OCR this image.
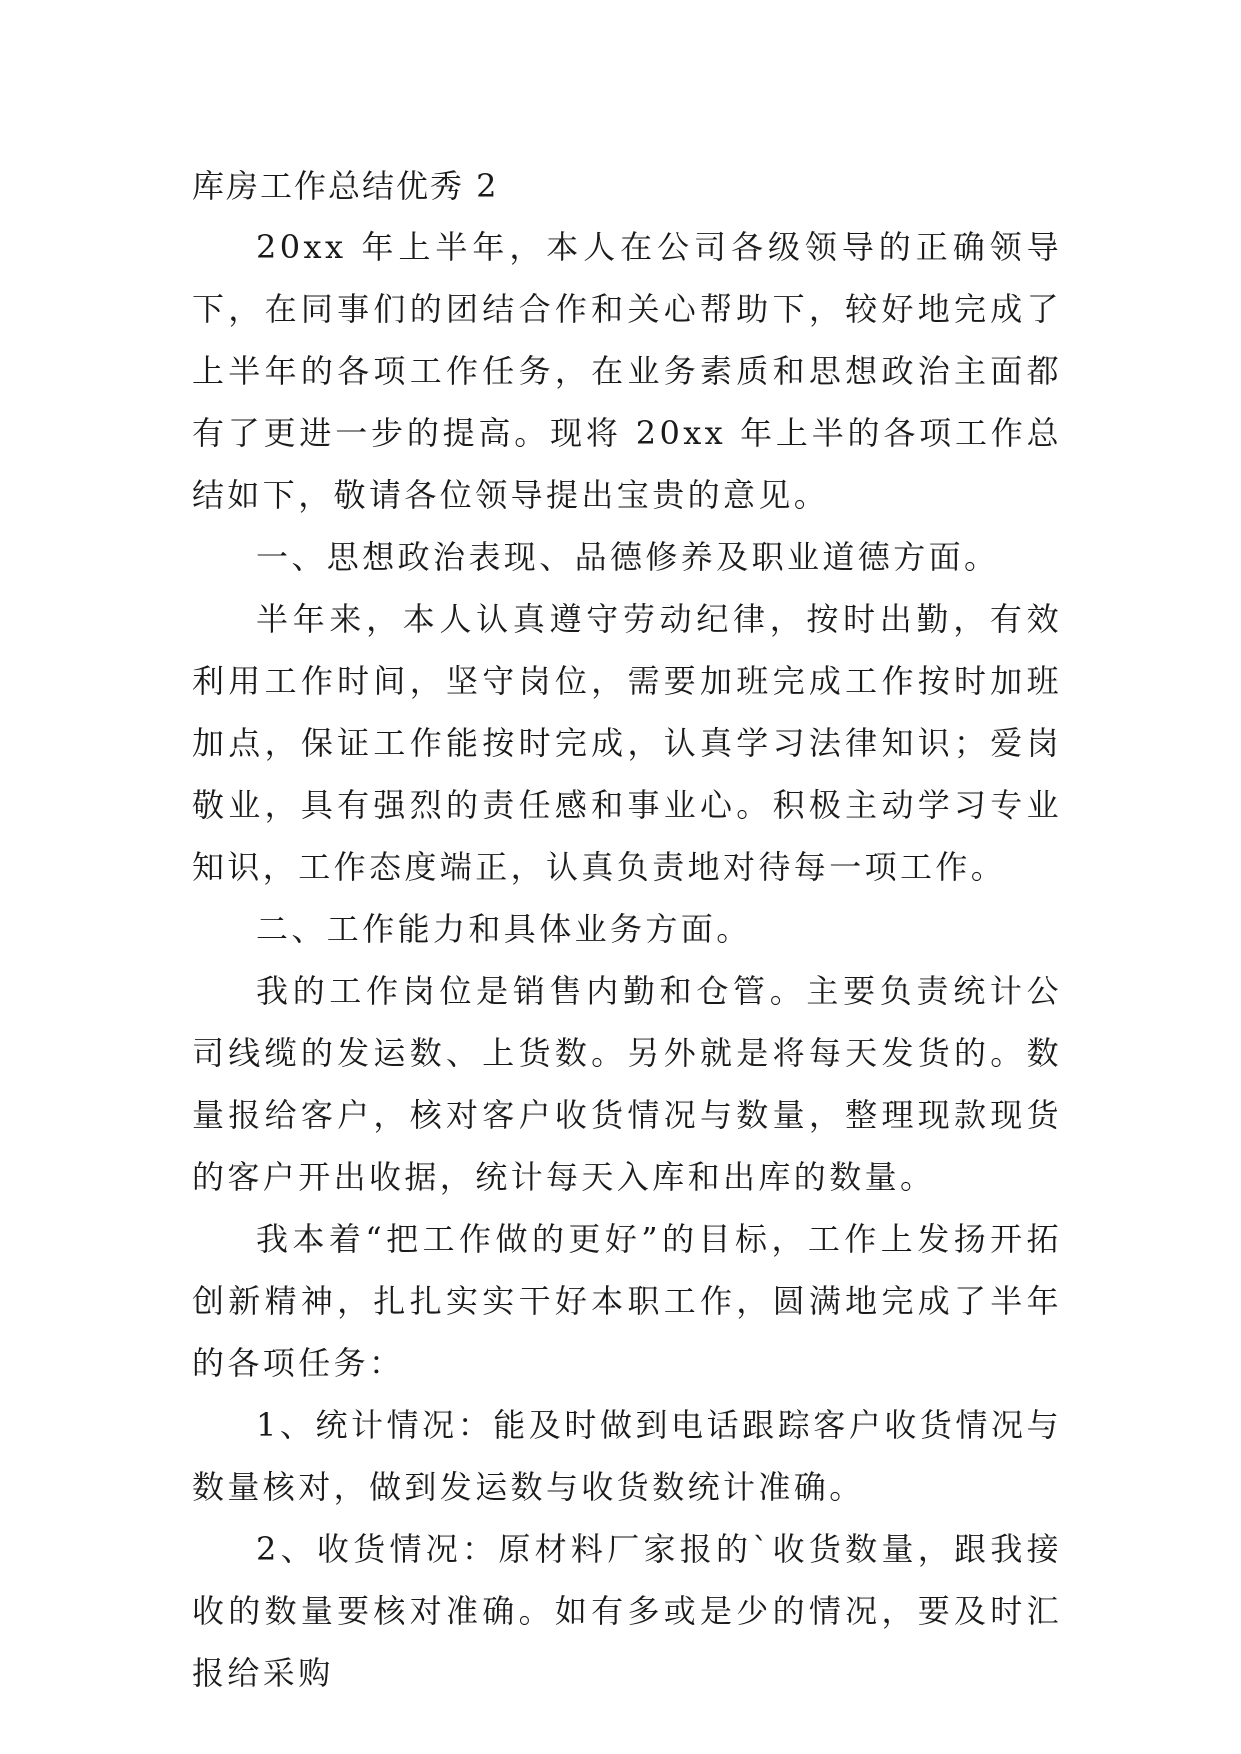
库房工作总结优秀 2

20xx 年上半年，本人在公司各级领导的正确领导下，在同事们的团结合作和关心帮助下，较好地完成了上半年的各项工作任务，在业务素质和思想政治主面都有了更进一步的提高。现将 20xx 年上半的各项工作总结如下，敬请各位领导提出宝贵的意见。

一、思想政治表现、品德修养及职业道德方面。

半年来，本人认真遵守劳动纪律，按时出勤，有效利用工作时间，坚守岗位，需要加班完成工作按时加班加点，保证工作能按时完成，认真学习法律知识；爱岗敬业，具有强烈的责任感和事业心。积极主动学习专业知识，工作态度端正，认真负责地对待每一项工作。

二、工作能力和具体业务方面。

我的工作岗位是销售内勤和仓管。主要负责统计公司线缆的发运数、上货数。另外就是将每天发货的。数量报给客户，核对客户收货情况与数量，整理现款现货的客户开出收据，统计每天入库和出库的数量。

我本着“把工作做的更好”的目标，工作上发扬开拓创新精神，扎扎实实干好本职工作，圆满地完成了半年的各项任务：

1、统计情况：能及时做到电话跟踪客户收货情况与数量核对，做到发运数与收货数统计准确。

2、收货情况：原材料厂家报的`收货数量，跟我接收的数量要核对准确。如有多或是少的情况，要及时汇报给采购
